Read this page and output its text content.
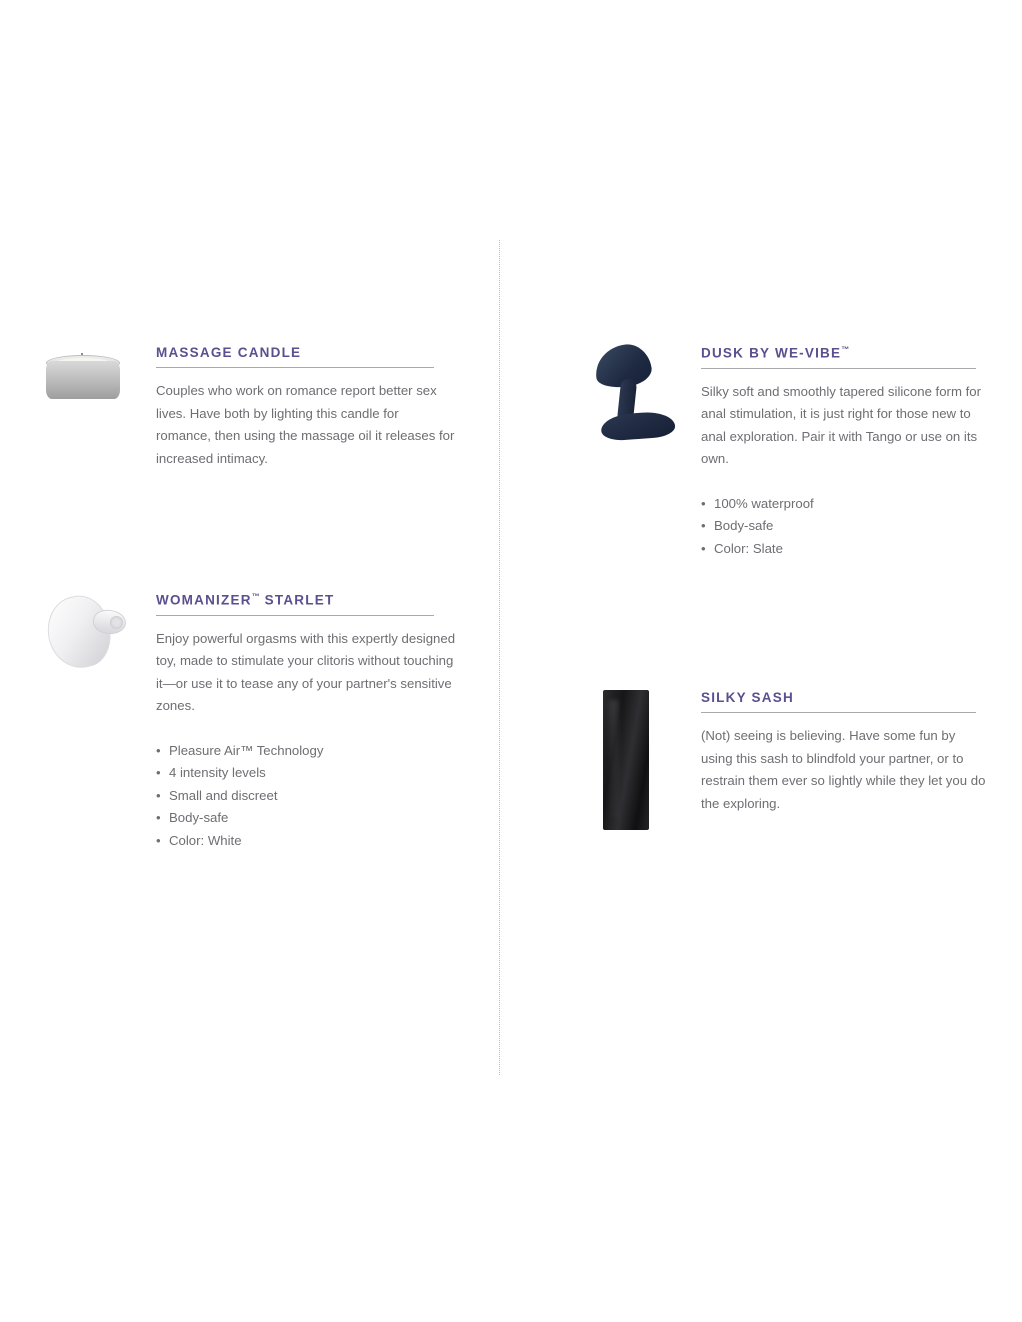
MASSAGE CANDLE

Couples who work on romance report better sex lives. Have both by lighting this candle for romance, then using the massage oil it releases for increased intimacy.

WOMANIZER™ STARLET

Enjoy powerful orgasms with this expertly designed toy, made to stimulate your clitoris without touching it—or use it to tease any of your partner's sensitive zones.

• Pleasure Air™ Technology
• 4 intensity levels
• Small and discreet
• Body-safe
• Color: White
DUSK BY WE-VIBE™

Silky soft and smoothly tapered silicone form for anal stimulation, it is just right for those new to anal exploration. Pair it with Tango or use on its own.

• 100% waterproof
• Body-safe
• Color: Slate
SILKY SASH

(Not) seeing is believing. Have some fun by using this sash to blindfold your partner, or to restrain them ever so lightly while they let you do the exploring.
